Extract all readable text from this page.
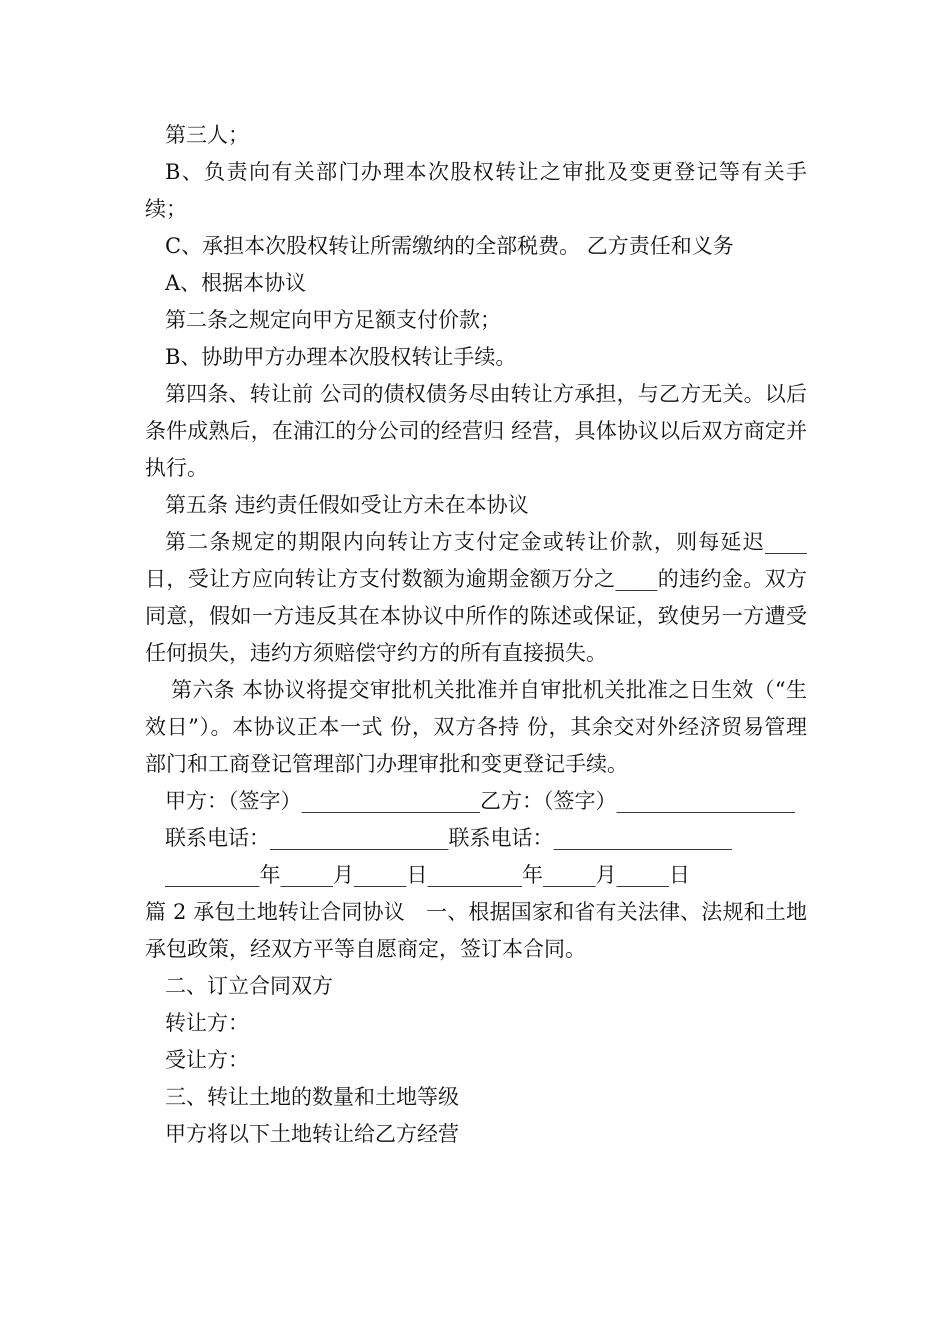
第三人；

B、负责向有关部门办理本次股权转让之审批及变更登记等有关手续；

C、承担本次股权转让所需缴纳的全部税费。 乙方责任和义务

A、根据本协议

第二条之规定向甲方足额支付价款；

B、协助甲方办理本次股权转让手续。

第四条、转让前 公司的债权债务尽由转让方承担，与乙方无关。以后条件成熟后，在浦江的分公司的经营归 经营，具体协议以后双方商定并执行。

第五条 违约责任假如受让方未在本协议

第二条规定的期限内向转让方支付定金或转让价款，则每延迟____日，受让方应向转让方支付数额为逾期金额万分之____的违约金。双方同意，假如一方违反其在本协议中所作的陈述或保证，致使另一方遭受任何损失，违约方须赔偿守约方的所有直接损失。

第六条 本协议将提交审批机关批准并自审批机关批准之日生效（“生效日”）。本协议正本一式 份，双方各持 份，其余交对外经济贸易管理部门和工商登记管理部门办理审批和变更登记手续。

甲方：（签字）_________________乙方：（签字）_________________

联系电话：_________________联系电话：_________________

_________年_____月_____日_________年_____月_____日

篇 2 承包土地转让合同协议　一、根据国家和省有关法律、法规和土地承包政策，经双方平等自愿商定，签订本合同。

二、订立合同双方

转让方：

受让方：

三、转让土地的数量和土地等级

甲方将以下土地转让给乙方经营
